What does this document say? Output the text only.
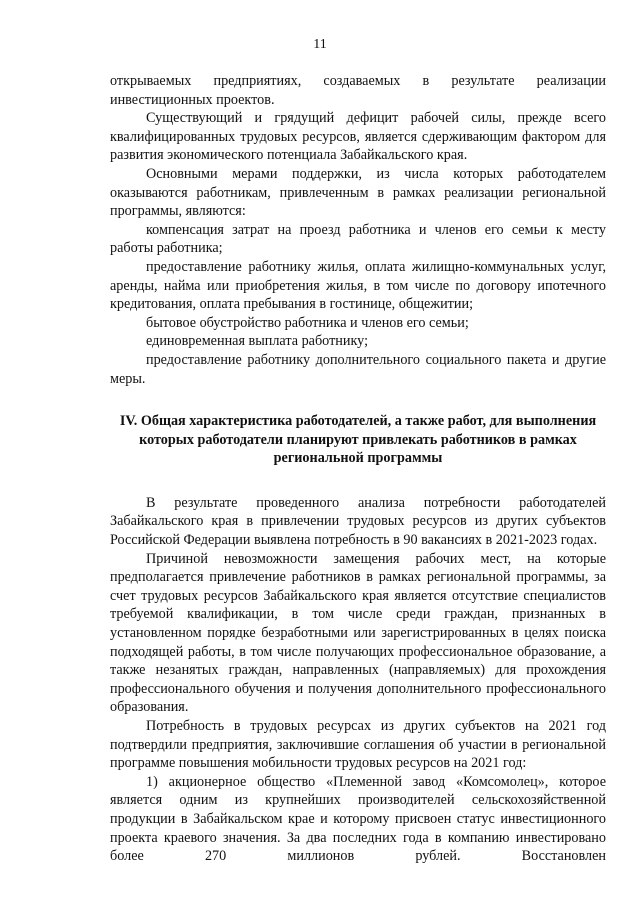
11

открываемых предприятиях, создаваемых в результате реализации инвестиционных проектов.

Существующий и грядущий дефицит рабочей силы, прежде всего квалифицированных трудовых ресурсов, является сдерживающим фактором для развития экономического потенциала Забайкальского края.

Основными мерами поддержки, из числа которых работодателем оказываются работникам, привлеченным в рамках реализации региональной программы, являются:

компенсация затрат на проезд работника и членов его семьи к месту работы работника;

предоставление работнику жилья, оплата жилищно-коммунальных услуг, аренды, найма или приобретения жилья, в том числе по договору ипотечного кредитования, оплата пребывания в гостинице, общежитии;

бытовое обустройство работника и членов его семьи;

единовременная выплата работнику;

предоставление работнику дополнительного социального пакета и другие меры.

IV. Общая характеристика работодателей, а также работ, для выполнения которых работодатели планируют привлекать работников в рамках региональной программы

В результате проведенного анализа потребности работодателей Забайкальского края в привлечении трудовых ресурсов из других субъектов Российской Федерации выявлена потребность в 90 вакансиях в 2021-2023 годах.

Причиной невозможности замещения рабочих мест, на которые предполагается привлечение работников в рамках региональной программы, за счет трудовых ресурсов Забайкальского края является отсутствие специалистов требуемой квалификации, в том числе среди граждан, признанных в установленном порядке безработными или зарегистрированных в целях поиска подходящей работы, в том числе получающих профессиональное образование, а также незанятых граждан, направленных (направляемых) для прохождения профессионального обучения и получения дополнительного профессионального образования.

Потребность в трудовых ресурсах из других субъектов на 2021 год подтвердили предприятия, заключившие соглашения об участии в региональной программе повышения мобильности трудовых ресурсов на 2021 год:

1) акционерное общество «Племенной завод «Комсомолец», которое является одним из крупнейших производителей сельскохозяйственной продукции в Забайкальском крае и которому присвоен статус инвестиционного проекта краевого значения. За два последних года в компанию инвестировано более 270 миллионов рублей. Восстановлен
